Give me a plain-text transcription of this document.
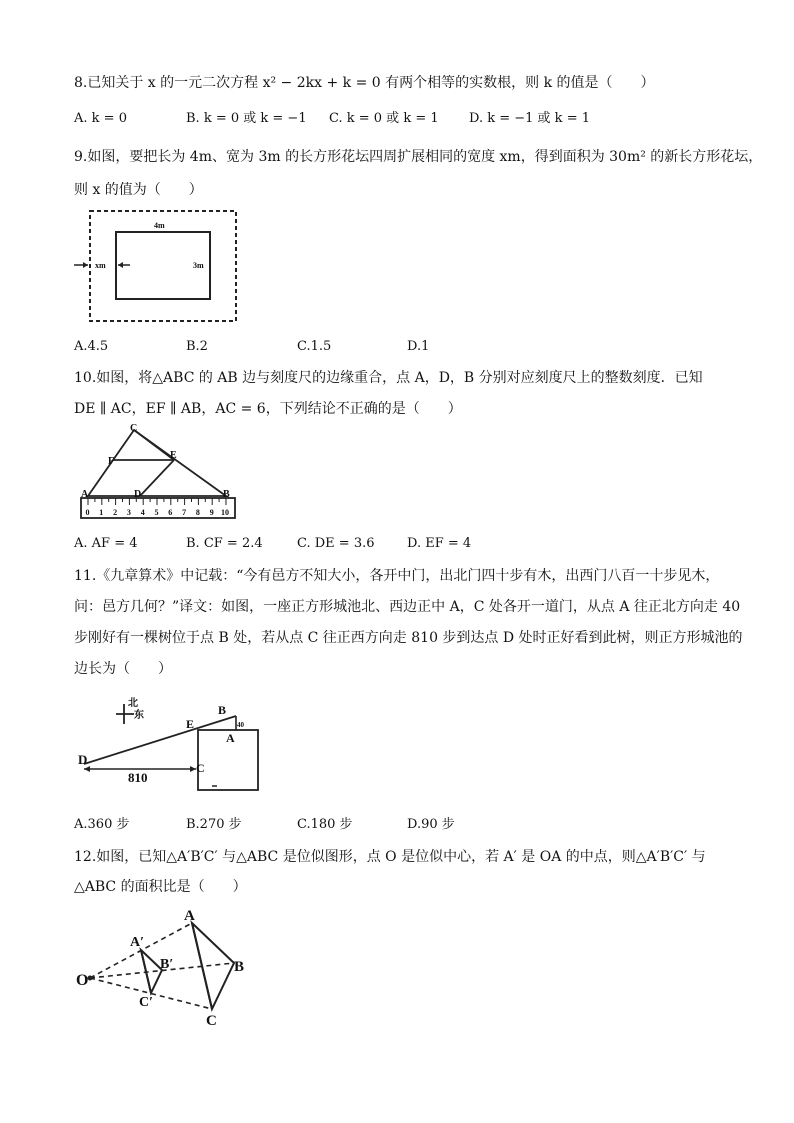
8.已知关于 x 的一元二次方程 x² − 2kx + k = 0 有两个相等的实数根，则 k 的值是（　　）
A. k = 0	B. k = 0 或 k = −1 C. k = 0 或 k = 1 D. k = −1 或 k = 1
9.如图，要把长为 4m、宽为 3m 的长方形花坛四周扩展相同的宽度 xm，得到面积为 30m² 的新长方形花坛，
则 x 的值为（　　）
4m
3m
xm
A.4.5	B.2	C.1.5	D.1
10.如图，将△ABC 的 AB 边与刻度尺的边缘重合，点 A，D，B 分别对应刻度尺上的整数刻度．已知
DE ∥ AC，EF ∥ AB，AC = 6，下列结论不正确的是（　　）
0 1 2 3 4 5 6 7 8 9 10
C
F
E
A	D	B
A. AF = 4	B. CF = 2.4	C. DE = 3.6	D. EF = 4
11.《九章算术》中记载：“今有邑方不知大小，各开中门，出北门四十步有木，出西门八百一十步见木，
问：邑方几何？”译文：如图，一座正方形城池北、西边正中 A，C 处各开一道门，从点 A 往正北方向走 40
步刚好有一棵树位于点 B 处，若从点 C 往正西方向走 810 步到达点 D 处时正好看到此树，则正方形城池的
边长为（　　）
北
东
810
D
E
B
A
C
40
A.360 步	B.270 步	C.180 步	D.90 步
12.如图，已知△A′B′C′ 与△ABC 是位似图形，点 O 是位似中心，若 A′ 是 OA 的中点，则△A′B′C′ 与
△ABC 的面积比是（　　）
O
A′
B′
C′
A
B
C
